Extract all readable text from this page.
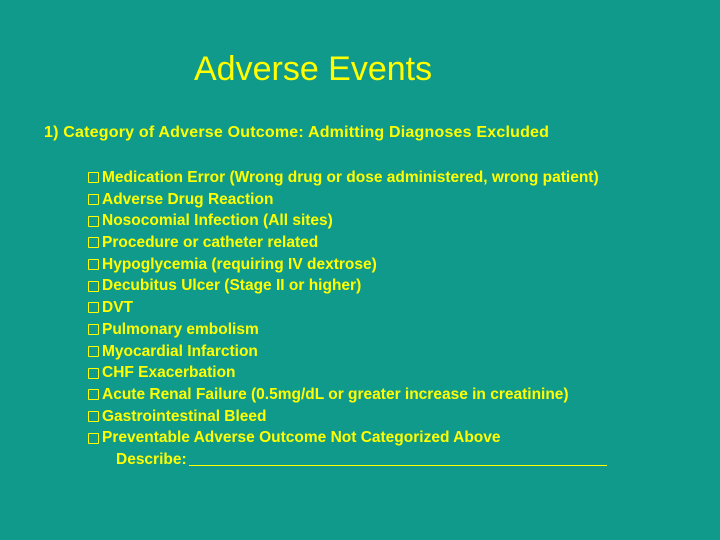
Adverse Events
1) Category of Adverse Outcome: Admitting Diagnoses Excluded
Medication Error (Wrong drug or dose administered, wrong patient)
Adverse Drug Reaction
Nosocomial Infection (All sites)
Procedure or catheter related
Hypoglycemia (requiring IV dextrose)
Decubitus Ulcer (Stage II or higher)
DVT
Pulmonary embolism
Myocardial Infarction
CHF Exacerbation
Acute Renal Failure (0.5mg/dL or greater increase in creatinine)
Gastrointestinal Bleed
Preventable Adverse Outcome Not Categorized Above
Describe:
